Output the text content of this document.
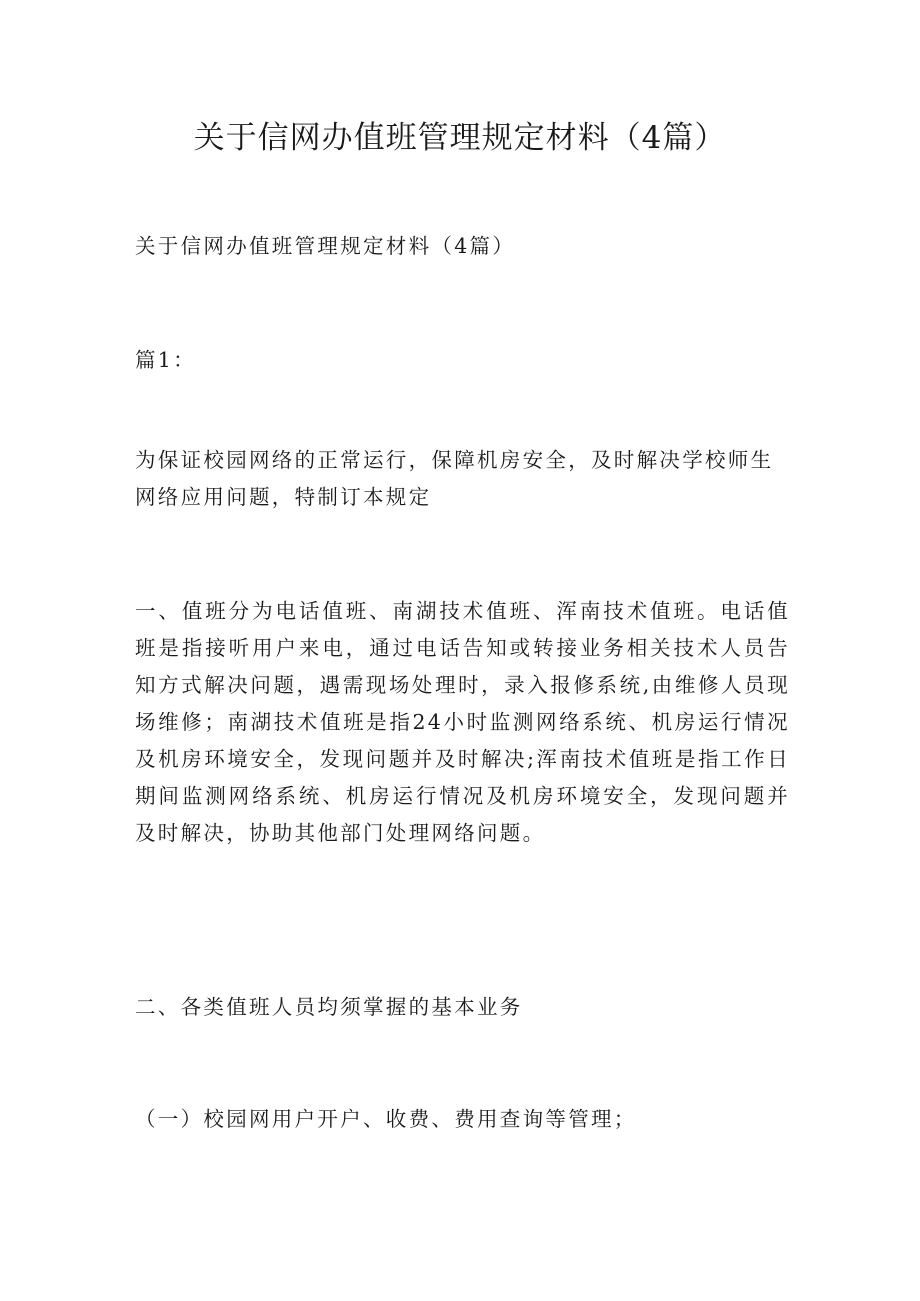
关于信网办值班管理规定材料（4篇）

关于信网办值班管理规定材料（4篇）

篇1：

为保证校园网络的正常运行，保障机房安全，及时解决学校师生网络应用问题，特制订本规定

一、值班分为电话值班、南湖技术值班、浑南技术值班。电话值班是指接听用户来电，通过电话告知或转接业务相关技术人员告知方式解决问题，遇需现场处理时，录入报修系统,由维修人员现场维修；南湖技术值班是指24小时监测网络系统、机房运行情况及机房环境安全，发现问题并及时解决;浑南技术值班是指工作日期间监测网络系统、机房运行情况及机房环境安全，发现问题并及时解决，协助其他部门处理网络问题。

二、各类值班人员均须掌握的基本业务

（一）校园网用户开户、收费、费用查询等管理；
